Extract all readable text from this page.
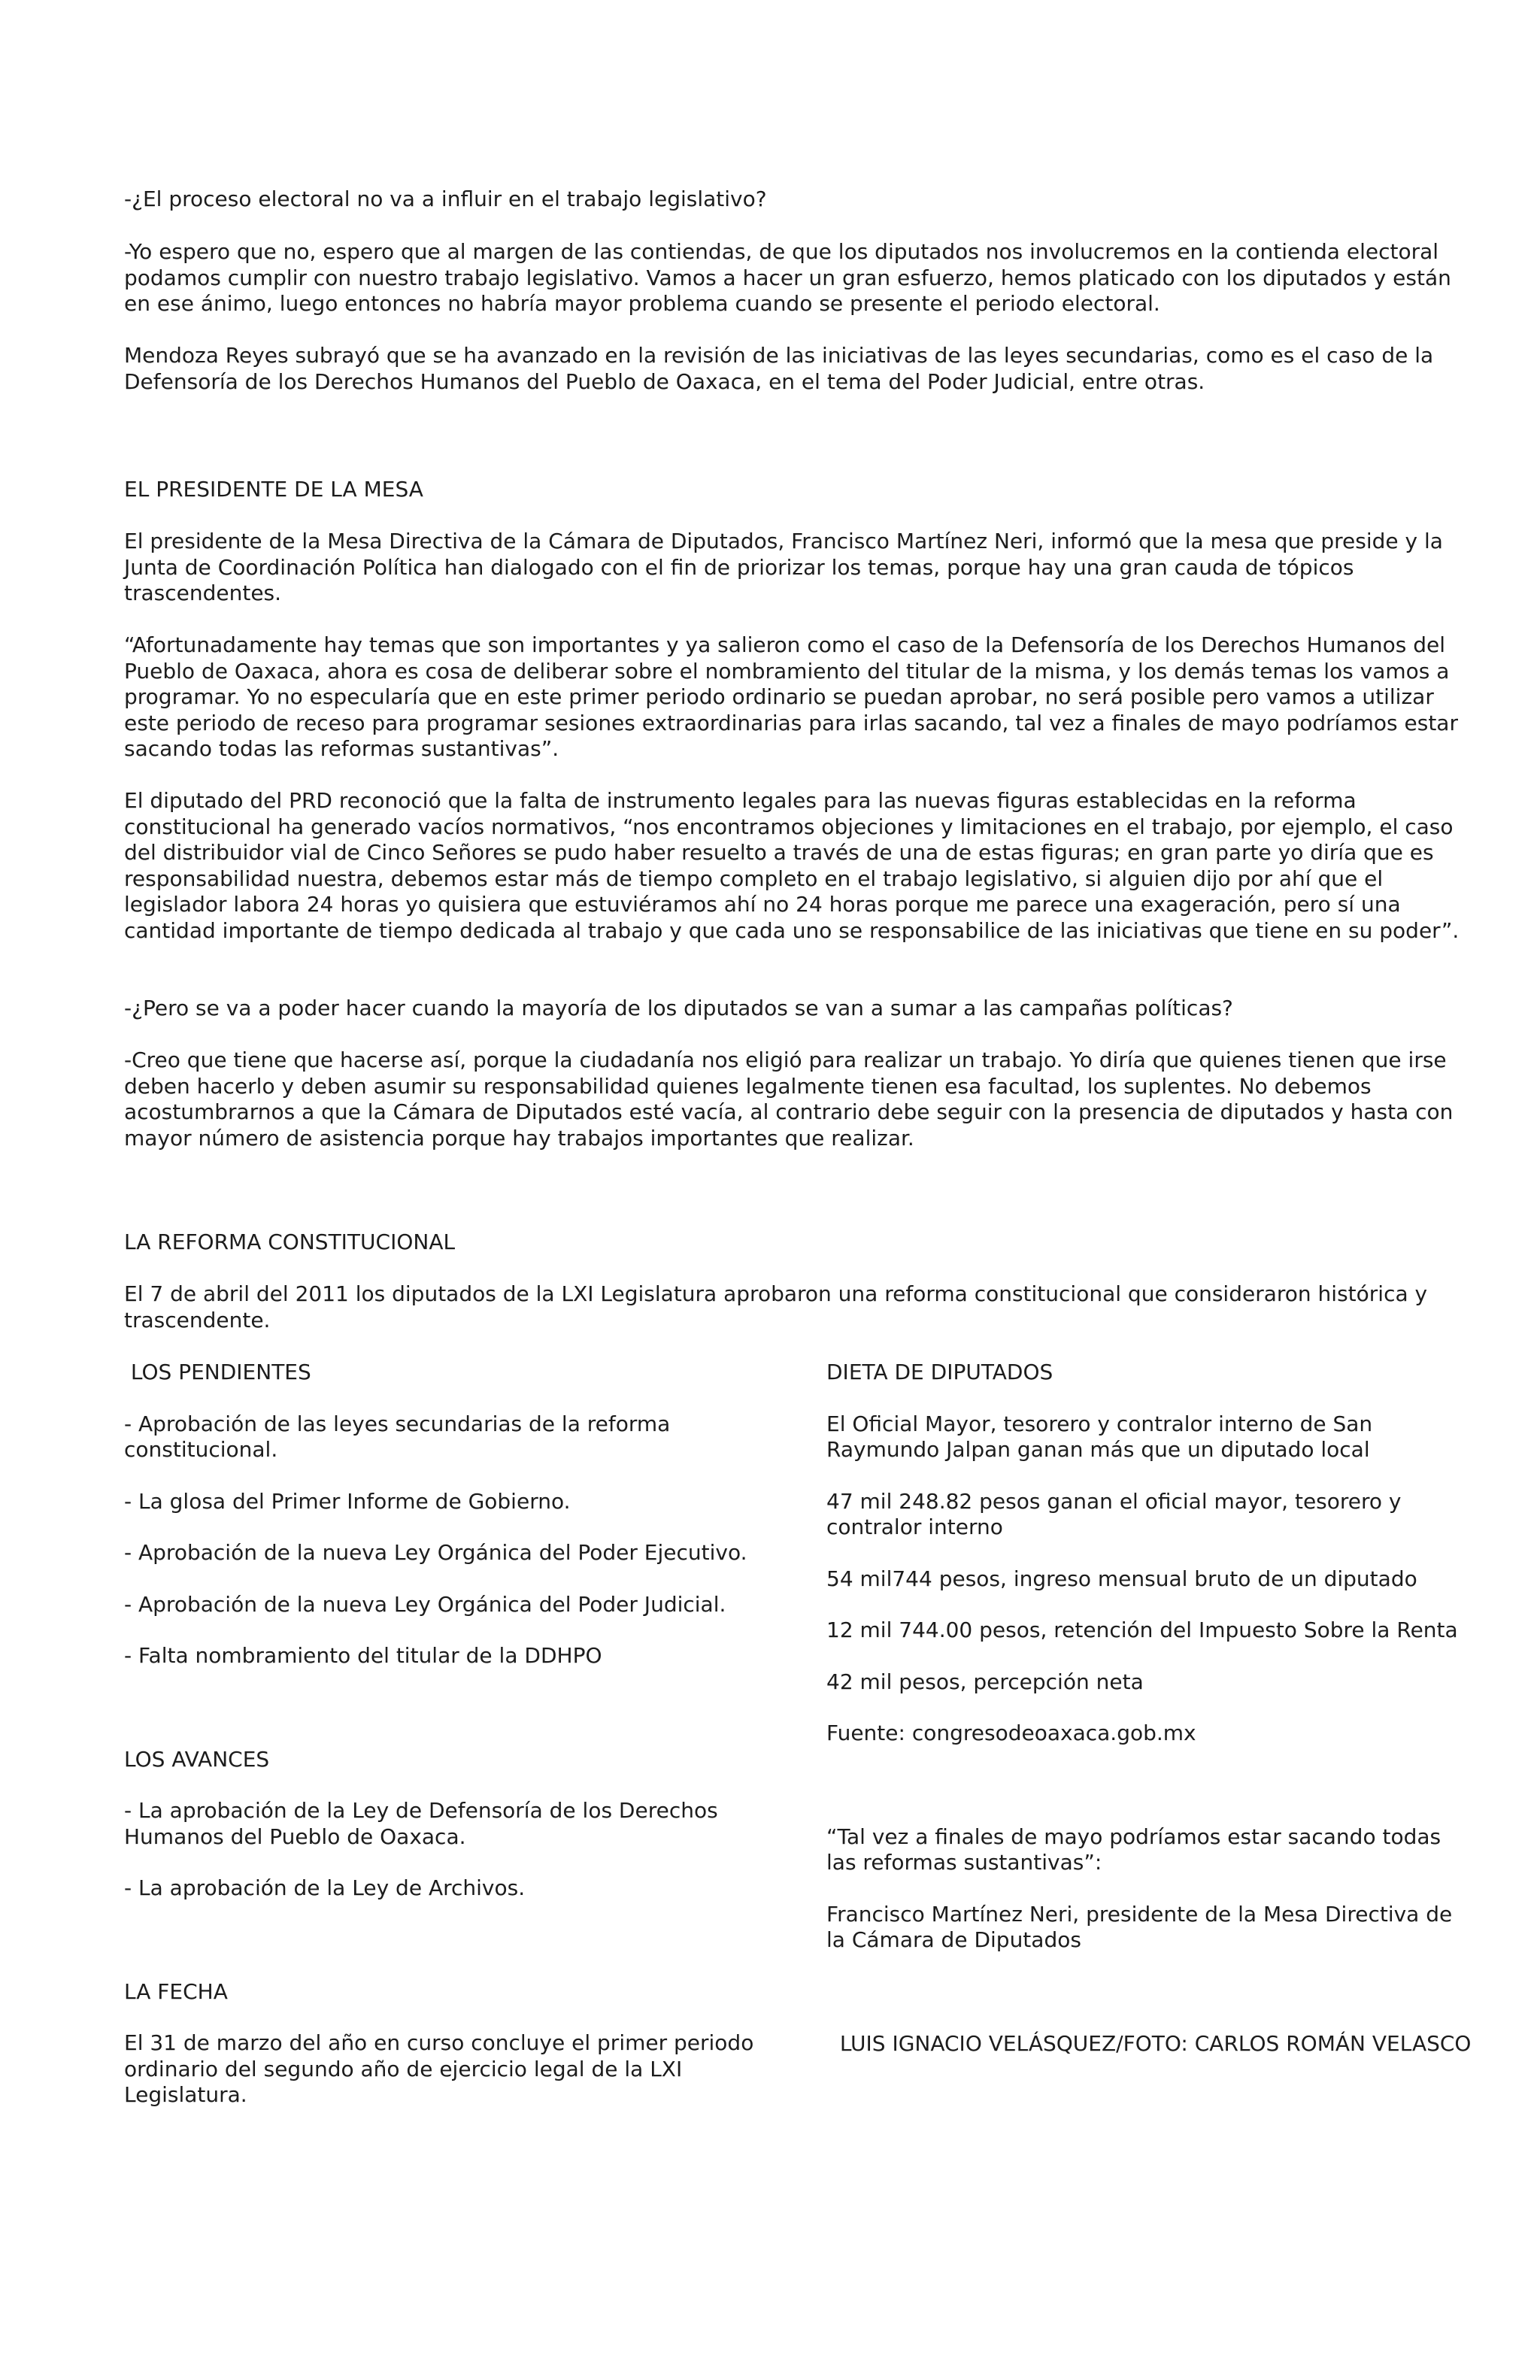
-¿El proceso electoral no va a influir en el trabajo legislativo?

-Yo espero que no, espero que al margen de las contiendas, de que los diputados nos involucremos en la contienda electoral podamos cumplir con nuestro trabajo legislativo. Vamos a hacer un gran esfuerzo, hemos platicado con los diputados y están en ese ánimo, luego entonces no habría mayor problema cuando se presente el periodo electoral.

Mendoza Reyes subrayó que se ha avanzado en la revisión de las iniciativas de las leyes secundarias, como es el caso de la Defensoría de los Derechos Humanos del Pueblo de Oaxaca, en el tema del Poder Judicial, entre otras.

EL PRESIDENTE DE LA MESA

El presidente de la Mesa Directiva de la Cámara de Diputados, Francisco Martínez Neri, informó que la mesa que preside y la Junta de Coordinación Política han dialogado con el fin de priorizar los temas, porque hay una gran cauda de tópicos trascendentes.

“Afortunadamente hay temas que son importantes y ya salieron como el caso de la Defensoría de los Derechos Humanos del Pueblo de Oaxaca, ahora es cosa de deliberar sobre el nombramiento del titular de la misma, y los demás temas los vamos a programar. Yo no especularía que en este primer periodo ordinario se puedan aprobar, no será posible pero vamos a utilizar este periodo de receso para programar sesiones extraordinarias para irlas sacando, tal vez a finales de mayo podríamos estar sacando todas las reformas sustantivas”.

El diputado del PRD reconoció que la falta de instrumento legales para las nuevas figuras establecidas en la reforma constitucional ha generado vacíos normativos, “nos encontramos objeciones y limitaciones en el trabajo, por ejemplo, el caso del distribuidor vial de Cinco Señores se pudo haber resuelto a través de una de estas figuras; en gran parte yo diría que es responsabilidad nuestra, debemos estar más de tiempo completo en el trabajo legislativo, si alguien dijo por ahí que el legislador labora 24 horas yo quisiera que estuviéramos ahí no 24 horas porque me parece una exageración, pero sí una cantidad importante de tiempo dedicada al trabajo y que cada uno se responsabilice de las iniciativas que tiene en su poder”.

-¿Pero se va a poder hacer cuando la mayoría de los diputados se van a sumar a las campañas políticas?

-Creo que tiene que hacerse así, porque la ciudadanía nos eligió para realizar un trabajo. Yo diría que quienes tienen que irse deben hacerlo y deben asumir su responsabilidad quienes legalmente tienen esa facultad, los suplentes. No debemos acostumbrarnos a que la Cámara de Diputados esté vacía, al contrario debe seguir con la presencia de diputados y hasta con mayor número de asistencia porque hay trabajos importantes que realizar.

LA REFORMA CONSTITUCIONAL

El 7 de abril del 2011 los diputados de la LXI Legislatura aprobaron una reforma constitucional que consideraron histórica y trascendente.

LOS PENDIENTES

- Aprobación de las leyes secundarias de la reforma constitucional.

- La glosa del Primer Informe de Gobierno.

- Aprobación de la nueva Ley Orgánica del Poder Ejecutivo.

- Aprobación de la nueva Ley Orgánica del Poder Judicial.

- Falta nombramiento del titular de la DDHPO

LOS AVANCES

- La aprobación de la Ley de Defensoría de los Derechos Humanos del Pueblo de Oaxaca.

- La aprobación de la Ley de Archivos.

LA FECHA

El 31 de marzo del año en curso concluye el primer periodo ordinario del segundo año de ejercicio legal de la LXI Legislatura.

DIETA DE DIPUTADOS

El Oficial Mayor, tesorero y contralor interno de San Raymundo Jalpan ganan más que un diputado local

47 mil 248.82 pesos ganan el oficial mayor, tesorero y contralor interno

54 mil744 pesos, ingreso mensual bruto de un diputado

12 mil 744.00 pesos, retención del Impuesto Sobre la Renta

42 mil pesos, percepción neta

Fuente: congresodeoaxaca.gob.mx

“Tal vez a finales de mayo podríamos estar sacando todas las reformas sustantivas”:

Francisco Martínez Neri, presidente de la Mesa Directiva de la Cámara de Diputados

LUIS IGNACIO VELÁSQUEZ/FOTO: CARLOS ROMÁN VELASCO
